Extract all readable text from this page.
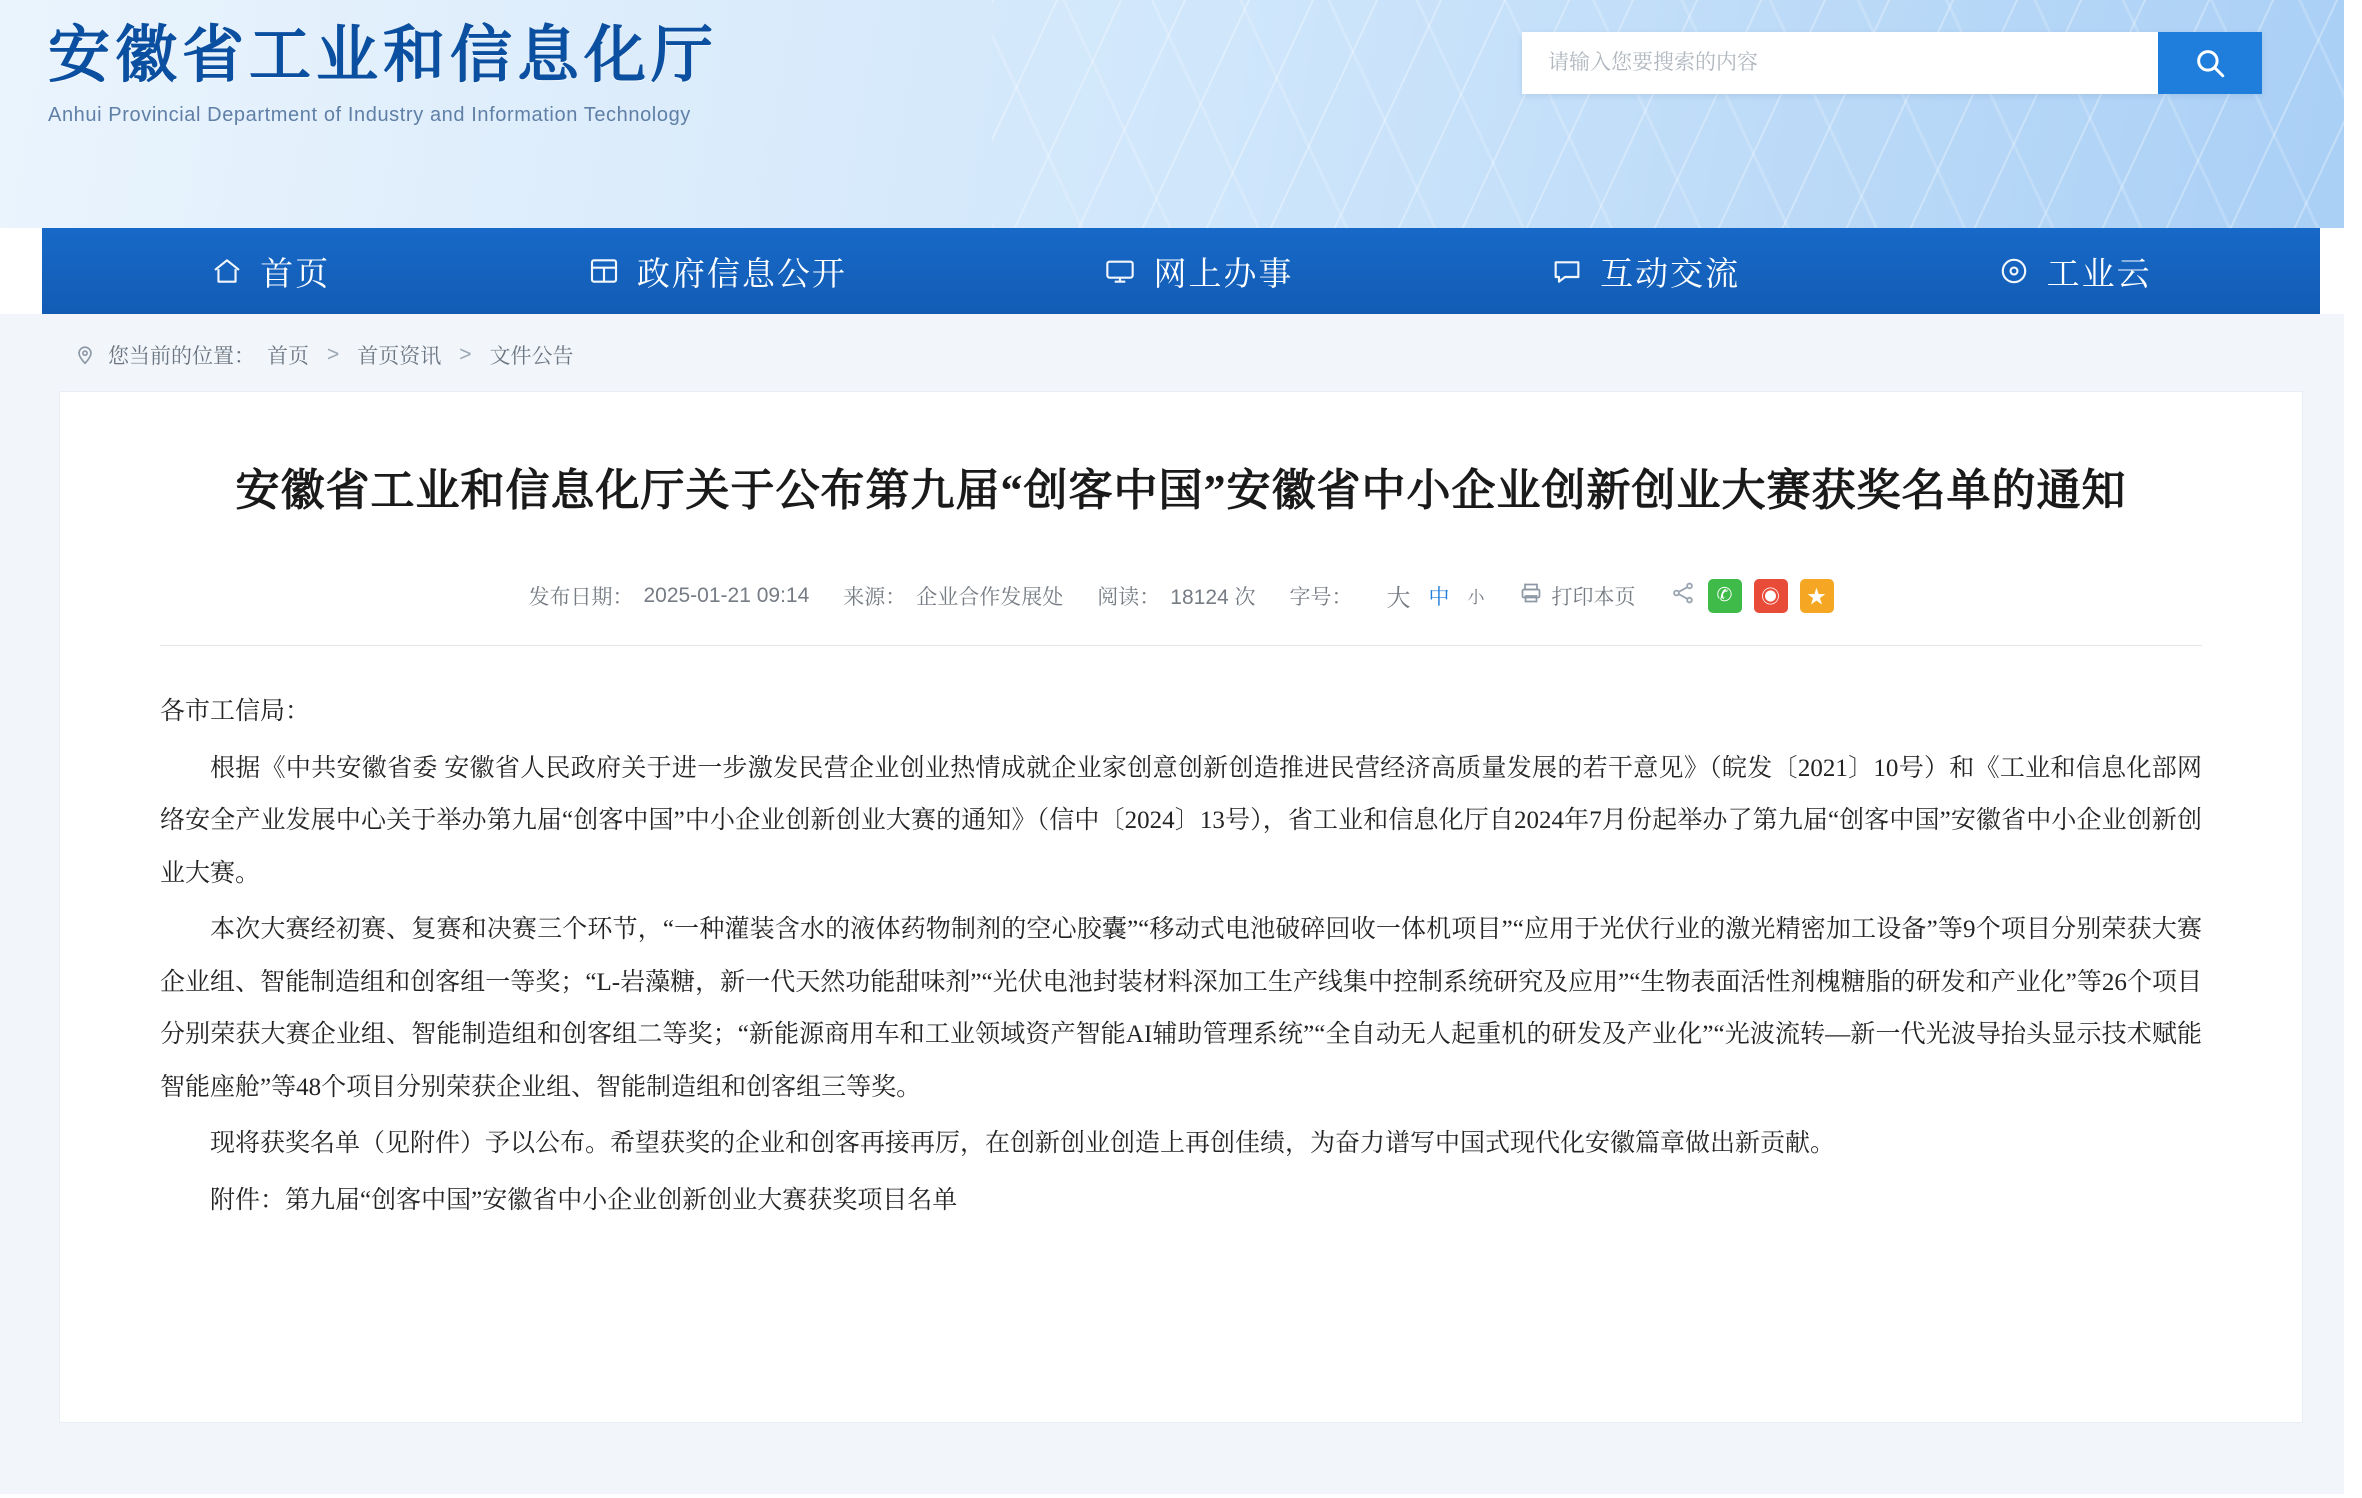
安徽省工业和信息化厅
Anhui Provincial Department of Industry and Information Technology
请输入您要搜索的内容
首页	政府信息公开	网上办事	互动交流	工业云
您当前的位置： 首页 > 首页资讯 > 文件公告
安徽省工业和信息化厅关于公布第九届“创客中国”安徽省中小企业创新创业大赛获奖名单的通知
发布日期： 2025-01-21 09:14 来源： 企业合作发展处 阅读： 18124 次 字号： 大 中 小	打印本页	✆	◉	★

各市工信局：

根据《中共安徽省委 安徽省人民政府关于进一步激发民营企业创业热情成就企业家创意创新创造推进民营经济高质量发展的若干意见》（皖发〔2021〕10号）和《工业和信息化部网络安全产业发展中心关于举办第九届“创客中国”中小企业创新创业大赛的通知》（信中〔2024〕13号），省工业和信息化厅自2024年7月份起举办了第九届“创客中国”安徽省中小企业创新创业大赛。

本次大赛经初赛、复赛和决赛三个环节，“一种灌装含水的液体药物制剂的空心胶囊”“移动式电池破碎回收一体机项目”“应用于光伏行业的激光精密加工设备”等9个项目分别荣获大赛企业组、智能制造组和创客组一等奖；“L-岩藻糖，新一代天然功能甜味剂”“光伏电池封装材料深加工生产线集中控制系统研究及应用”“生物表面活性剂槐糖脂的研发和产业化”等26个项目分别荣获大赛企业组、智能制造组和创客组二等奖；“新能源商用车和工业领域资产智能AI辅助管理系统”“全自动无人起重机的研发及产业化”“光波流转—新一代光波导抬头显示技术赋能智能座舱”等48个项目分别荣获企业组、智能制造组和创客组三等奖。

现将获奖名单（见附件）予以公布。希望获奖的企业和创客再接再厉，在创新创业创造上再创佳绩，为奋力谱写中国式现代化安徽篇章做出新贡献。

附件：第九届“创客中国”安徽省中小企业创新创业大赛获奖项目名单
